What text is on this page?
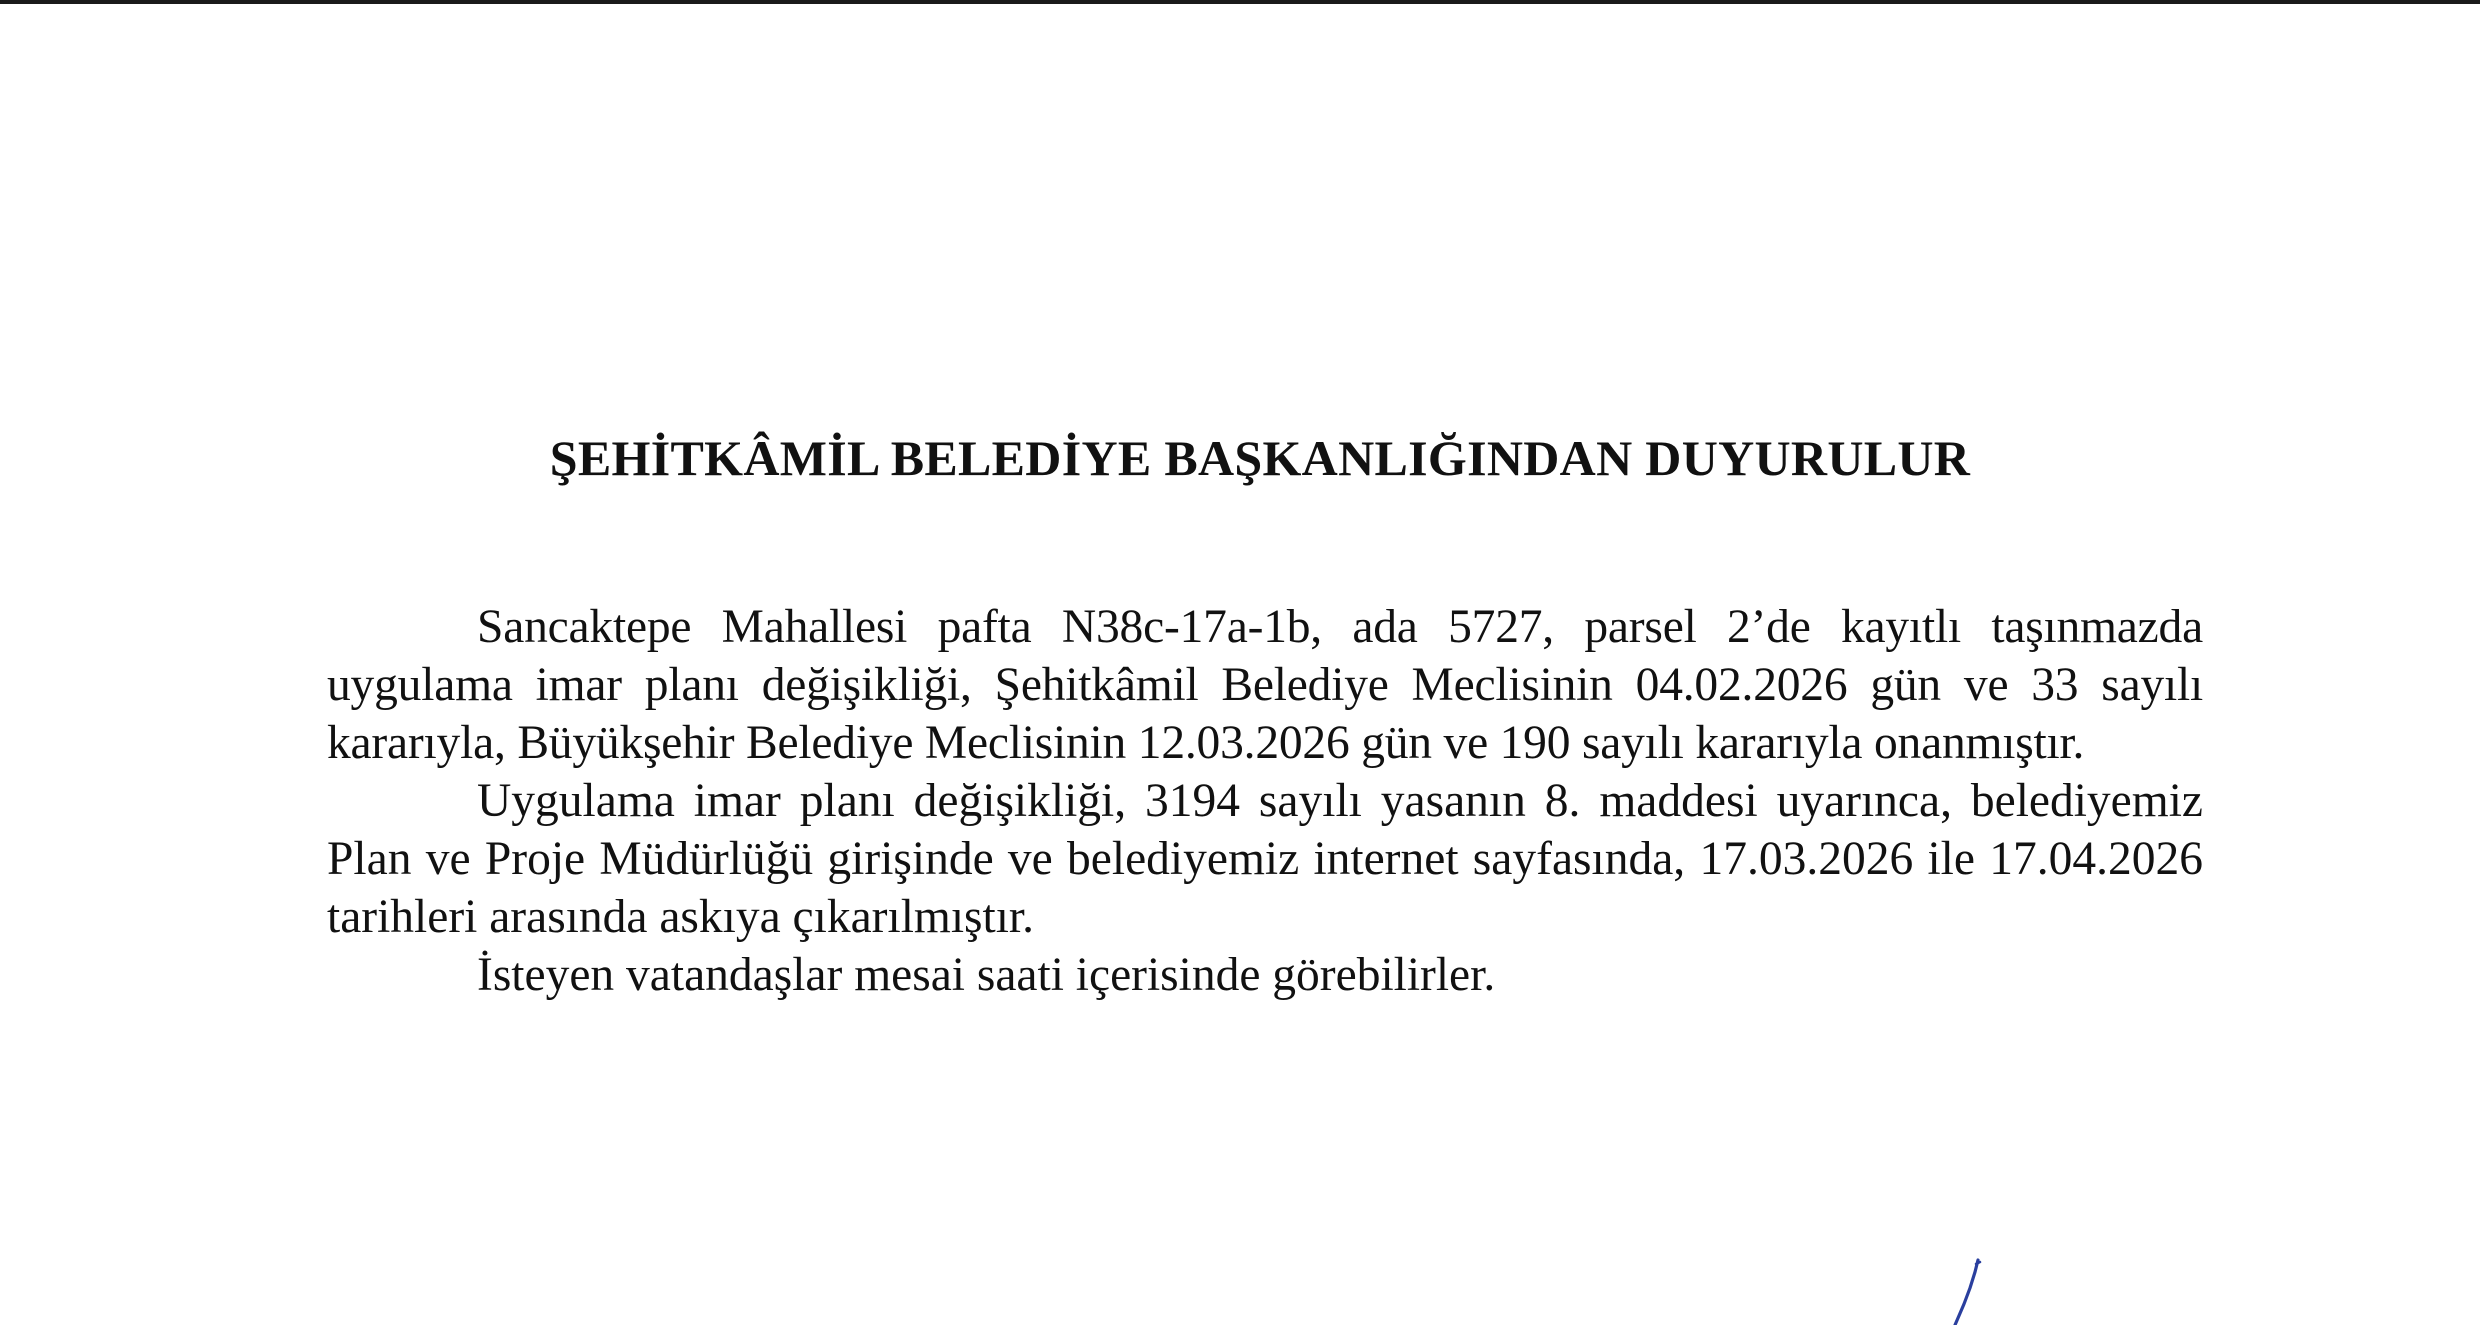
ŞEHİTKÂMİL BELEDİYE BAŞKANLIĞINDAN DUYURULUR

Sancaktepe Mahallesi pafta N38c-17a-1b, ada 5727, parsel 2’de kayıtlı taşınmazda uygulama imar planı değişikliği, Şehitkâmil Belediye Meclisinin 04.02.2026 gün ve 33 sayılı kararıyla, Büyükşehir Belediye Meclisinin 12.03.2026 gün ve 190 sayılı kararıyla onanmıştır.

Uygulama imar planı değişikliği, 3194 sayılı yasanın 8. maddesi uyarınca, belediyemiz Plan ve Proje Müdürlüğü girişinde ve belediyemiz internet sayfasında, 17.03.2026 ile 17.04.2026 tarihleri arasında askıya çıkarılmıştır.

İsteyen vatandaşlar mesai saati içerisinde görebilirler.
